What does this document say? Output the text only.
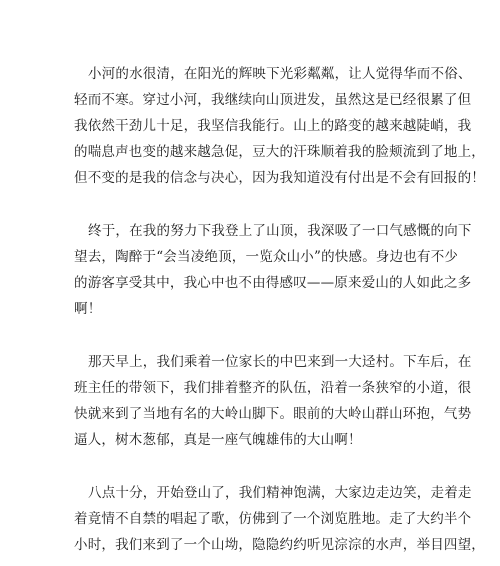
小河的水很清，在阳光的辉映下光彩粼粼，让人觉得华而不俗、
轻而不寒。穿过小河，我继续向山顶进发，虽然这是已经很累了但
我依然干劲儿十足，我坚信我能行。山上的路变的越来越陡峭，我
的喘息声也变的越来越急促，豆大的汗珠顺着我的脸颊流到了地上，
但不变的是我的信念与决心，因为我知道没有付出是不会有回报的！
终于，在我的努力下我登上了山顶，我深吸了一口气感慨的向下
望去，陶醉于“会当凌绝顶，一览众山小”的快感。身边也有不少
的游客享受其中，我心中也不由得感叹——原来爱山的人如此之多
啊！
那天早上，我们乘着一位家长的中巴来到一大迳村。下车后，在
班主任的带领下，我们排着整齐的队伍，沿着一条狭窄的小道，很
快就来到了当地有名的大岭山脚下。眼前的大岭山群山环抱，气势
逼人，树木葱郁，真是一座气魄雄伟的大山啊！
八点十分，开始登山了，我们精神饱满，大家边走边笑，走着走
着竟情不自禁的唱起了歌，仿佛到了一个浏览胜地。走了大约半个
小时，我们来到了一个山坳，隐隐约约听见淙淙的水声，举目四望，
